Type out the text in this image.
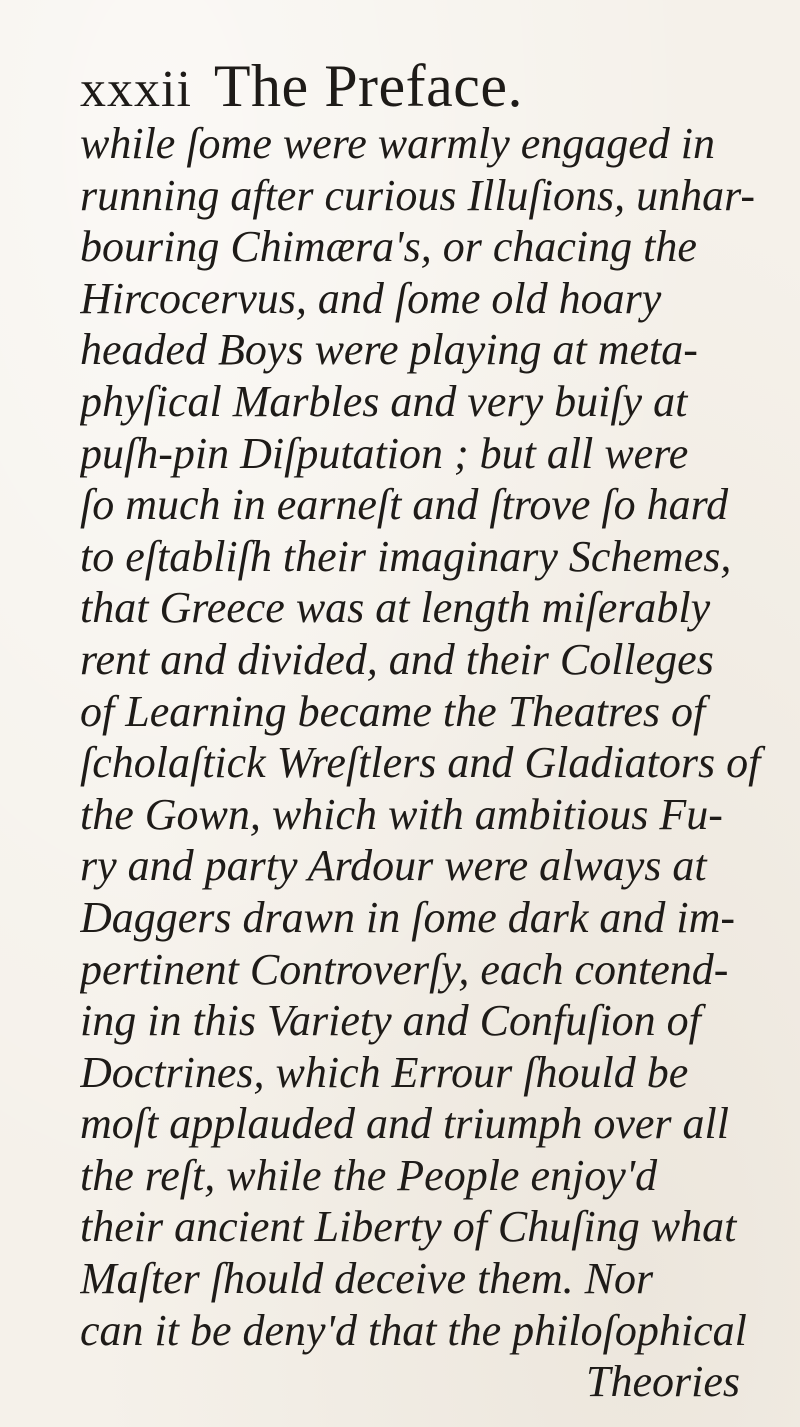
xxxii The Preface.
while ſome were warmly engaged in
running after curious Illuſions, unhar-
bouring Chimæra's, or chacing the
Hircocervus, and ſome old hoary
headed Boys were playing at meta-
phyſical Marbles and very buiſy at
puſh-pin Diſputation ; but all were
ſo much in earneſt and ſtrove ſo hard
to eſtabliſh their imaginary Schemes,
that Greece was at length miſerably
rent and divided, and their Colleges
of Learning became the Theatres of
ſcholaſtick Wreſtlers and Gladiators of
the Gown, which with ambitious Fu-
ry and party Ardour were always at
Daggers drawn in ſome dark and im-
pertinent Controverſy, each contend-
ing in this Variety and Confuſion of
Doctrines, which Errour ſhould be
moſt applauded and triumph over all
the reſt, while the People enjoy'd
their ancient Liberty of Chuſing what
Maſter ſhould deceive them. Nor
can it be deny'd that the philoſophical
Theories
